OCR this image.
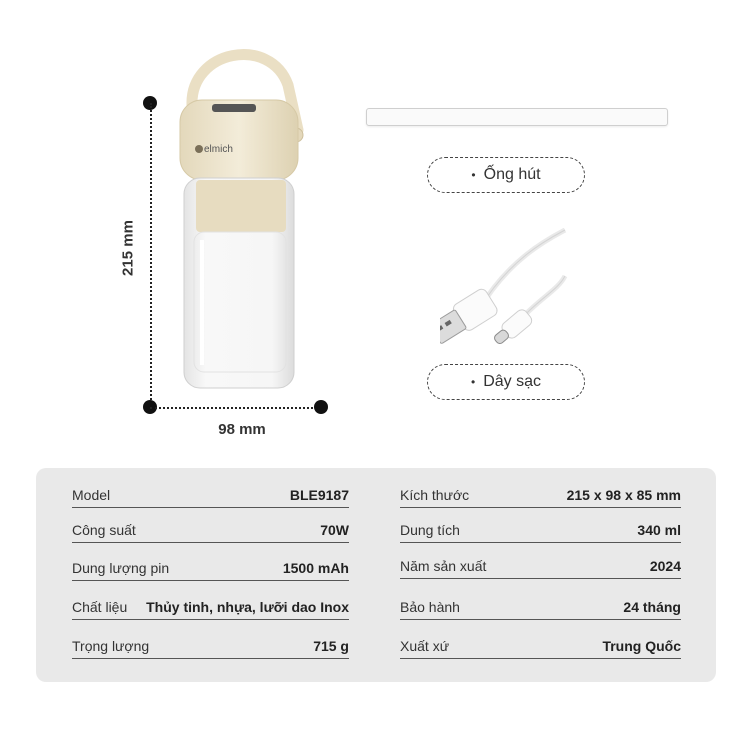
elmich
215 mm
98 mm
• Ống hút
• Dây sạc
Model	BLE9187
Công suất	70W
Dung lượng pin	1500 mAh
Chất liệu Thủy tinh, nhựa, lưỡi dao Inox
Trọng lượng	715 g
Kích thước	215 x 98 x 85 mm
Dung tích	340 ml
Năm sản xuất	2024
Bảo hành	24 tháng
Xuất xứ	Trung Quốc
